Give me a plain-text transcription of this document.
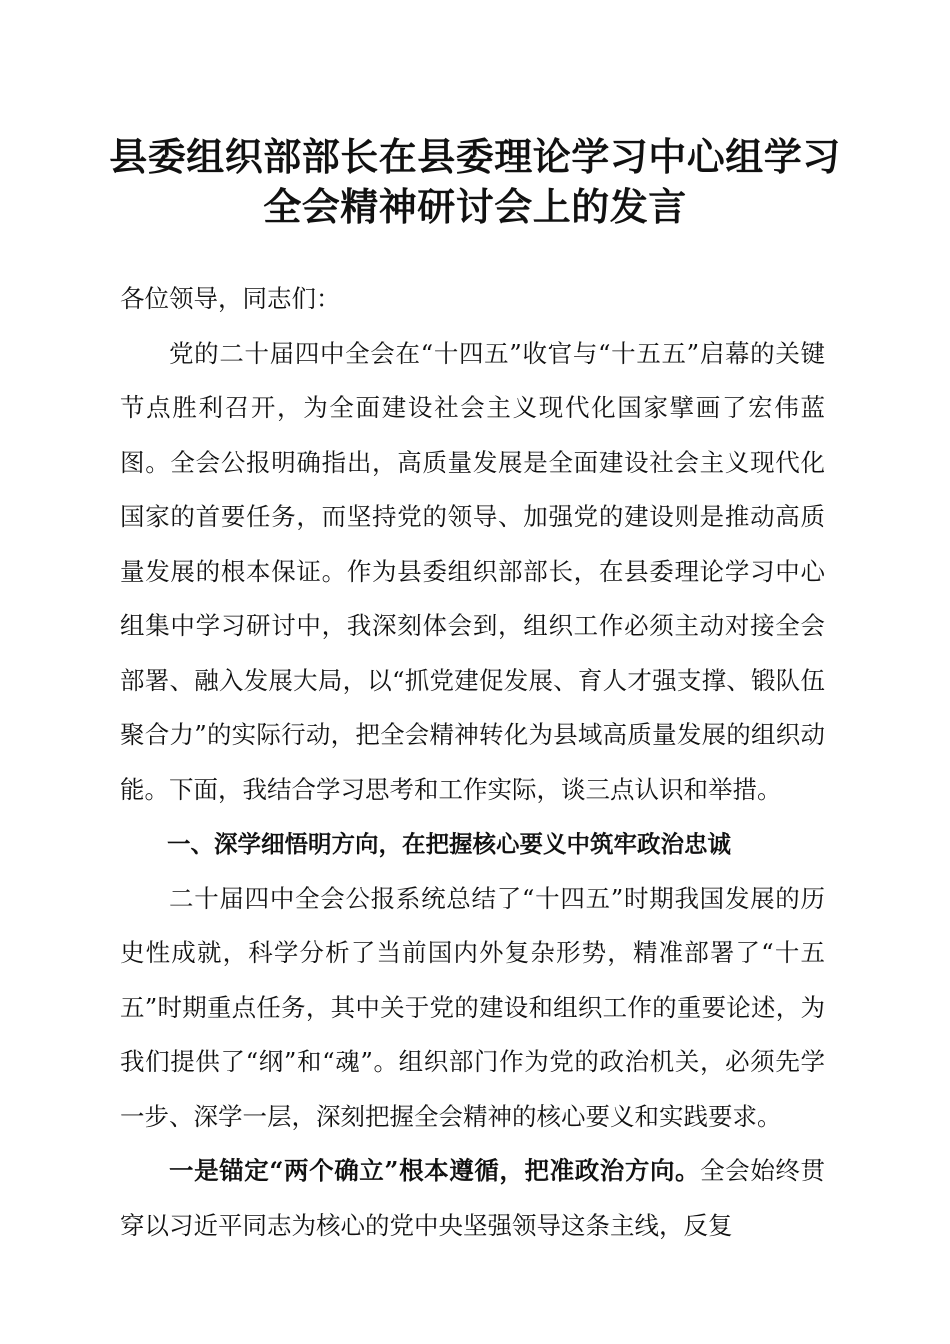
县委组织部部长在县委理论学习中心组学习全会精神研讨会上的发言

各位领导，同志们：

党的二十届四中全会在“十四五”收官与“十五五”启幕的关键节点胜利召开，为全面建设社会主义现代化国家擘画了宏伟蓝图。全会公报明确指出，高质量发展是全面建设社会主义现代化国家的首要任务，而坚持党的领导、加强党的建设则是推动高质量发展的根本保证。作为县委组织部部长，在县委理论学习中心组集中学习研讨中，我深刻体会到，组织工作必须主动对接全会部署、融入发展大局，以“抓党建促发展、育人才强支撑、锻队伍聚合力”的实际行动，把全会精神转化为县域高质量发展的组织动能。下面，我结合学习思考和工作实际，谈三点认识和举措。

一、深学细悟明方向，在把握核心要义中筑牢政治忠诚

二十届四中全会公报系统总结了“十四五”时期我国发展的历史性成就，科学分析了当前国内外复杂形势，精准部署了“十五五”时期重点任务，其中关于党的建设和组织工作的重要论述，为我们提供了“纲”和“魂”。组织部门作为党的政治机关，必须先学一步、深学一层，深刻把握全会精神的核心要义和实践要求。

一是锚定“两个确立”根本遵循，把准政治方向。全会始终贯穿以习近平同志为核心的党中央坚强领导这条主线，反复
